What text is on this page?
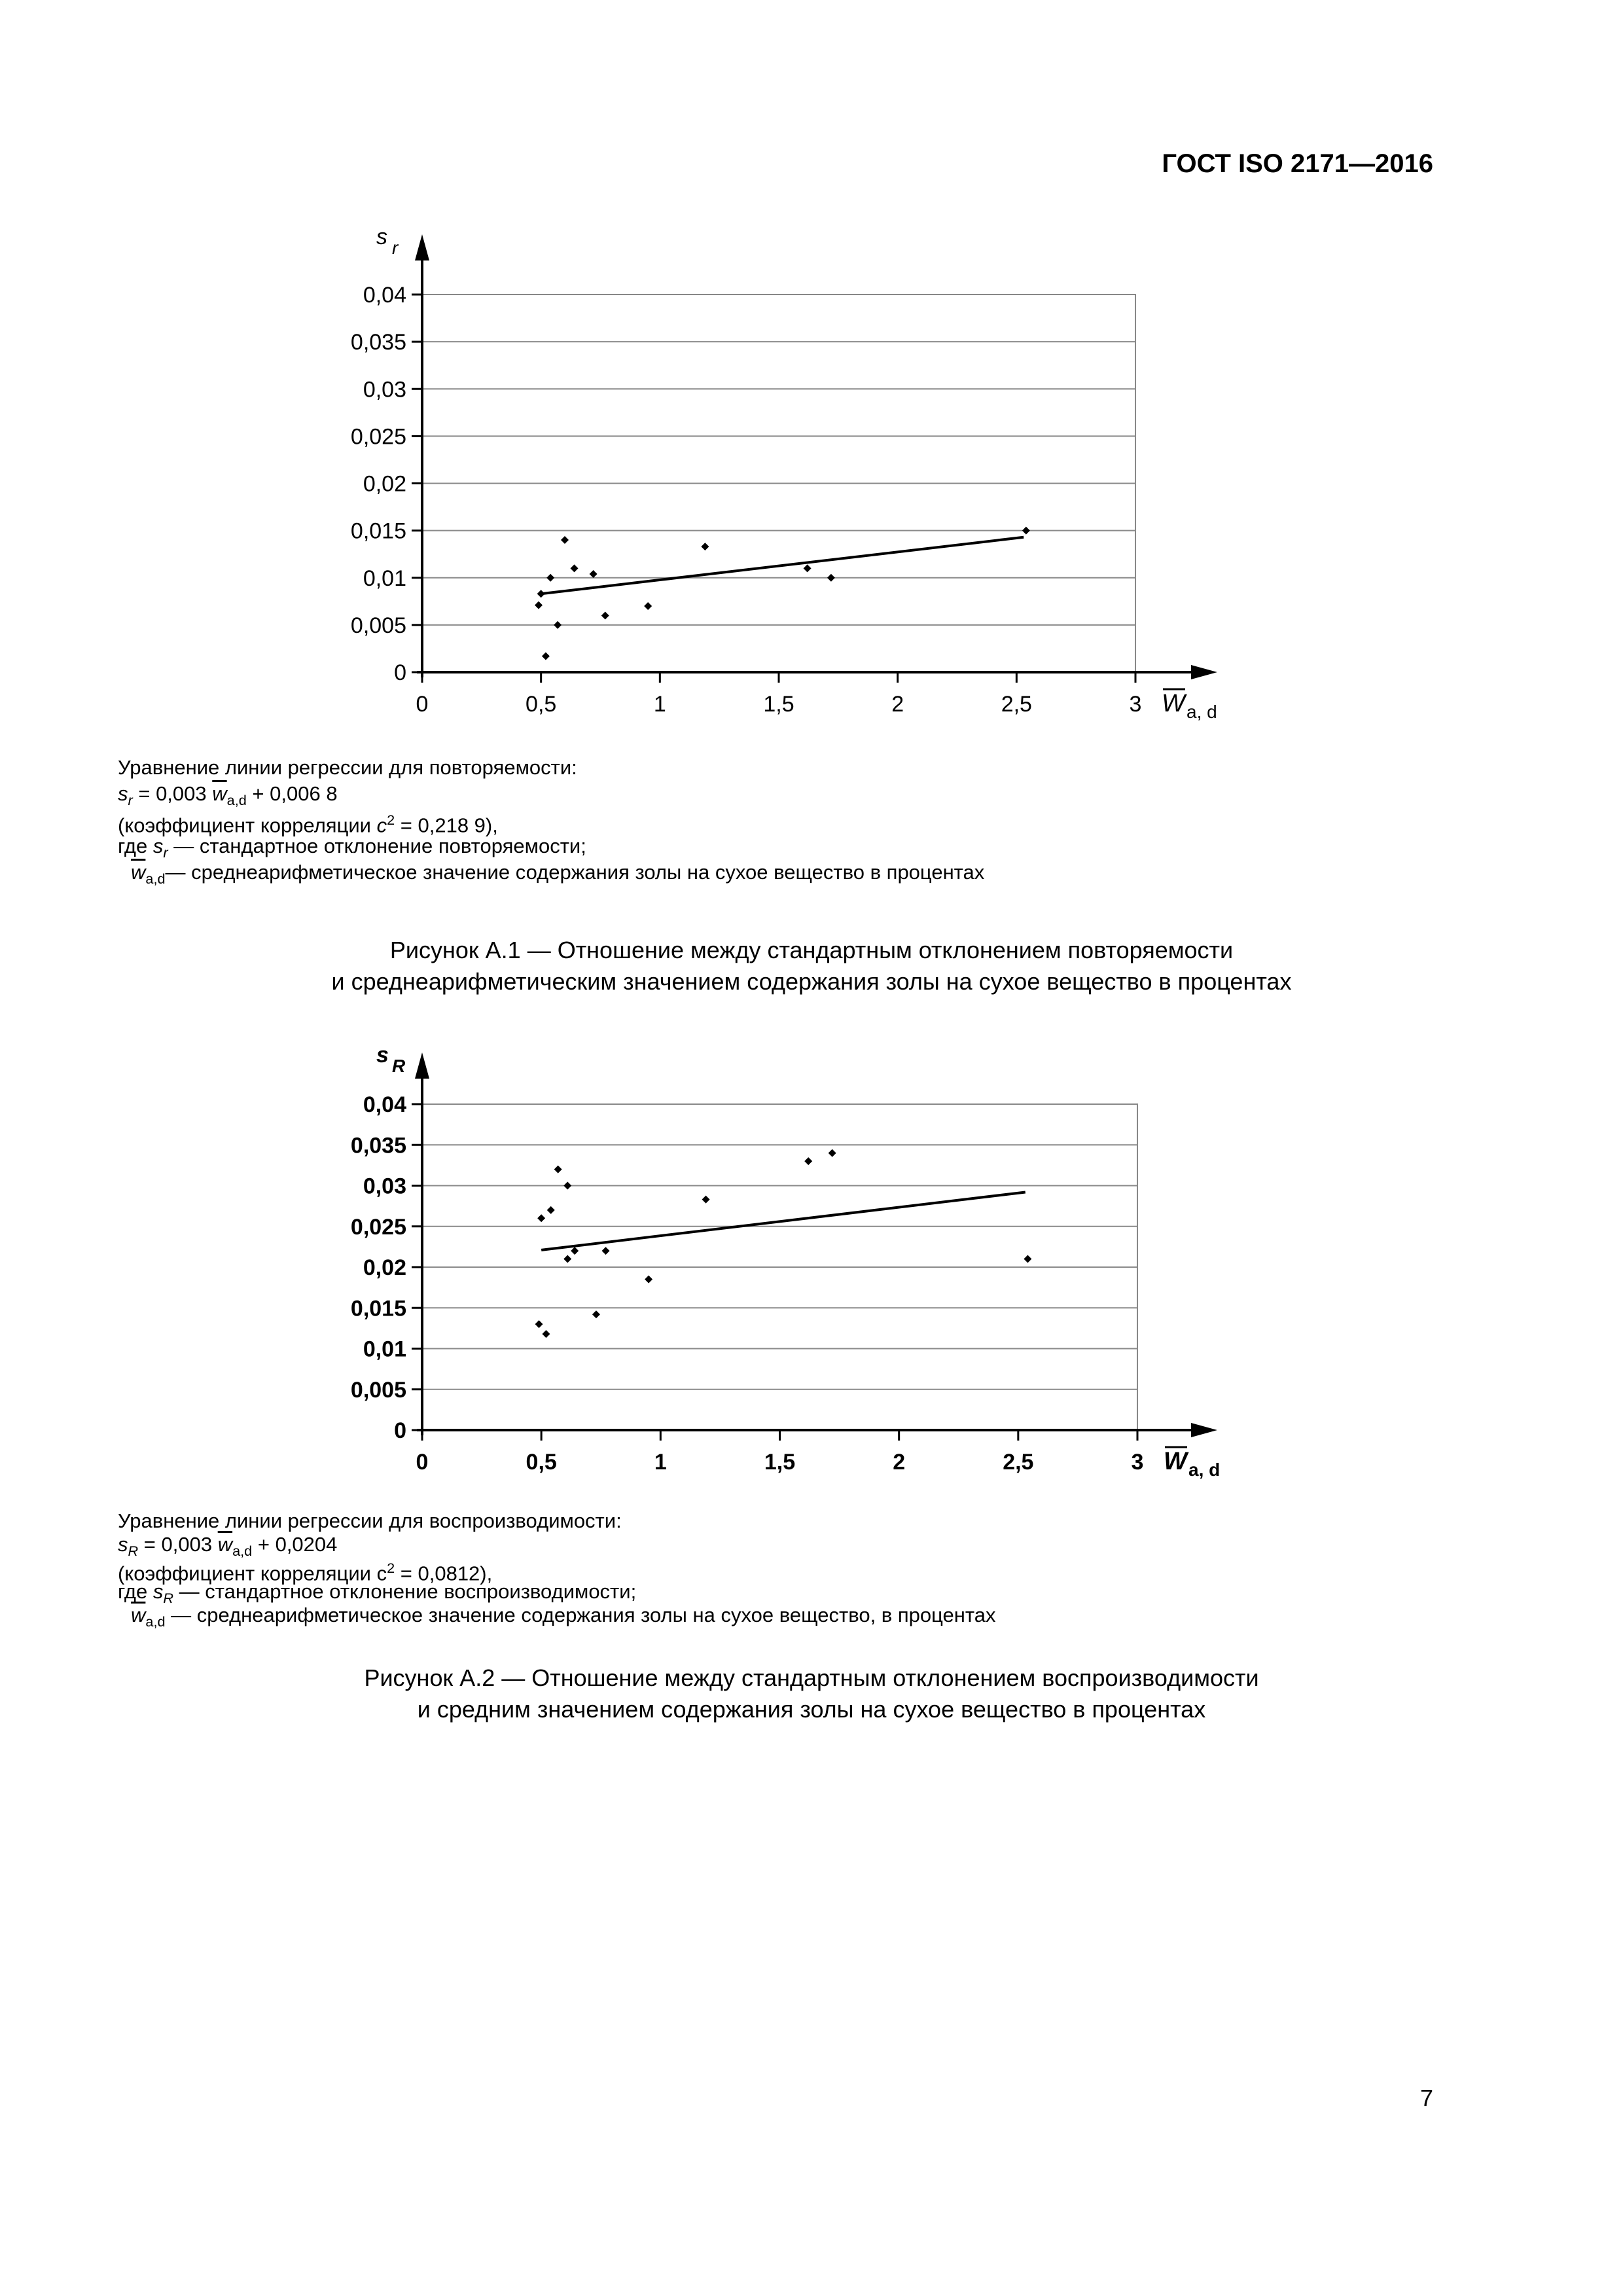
ГОСТ ISO 2171—2016
0
0,005
0,01
0,015
0,02
0,025
0,03
0,035
0,04
0	0,5	1	1,5	2	2,5	3
s r
W a, d
Уравнение линии регрессии для повторяемости:
$s_r = 0,003$ $\overline{w}_{a,d} + 0,006$ 8
(коэффициент корреляции $c^2 = 0,218$ 9),
где $s_r$ — стандартное отклонение повторяемости;
$\overline{w}_{a,d}—$ среднеарифметическое значение содержания золы на сухое вещество в процентах
Рисунок А.1 — Отношение между стандартным отклонением повторяемости
и среднеарифметическим значением содержания золы на сухое вещество в процентах
0
0,005
0,01
0,015
0,02
0,025
0,03
0,035
0,04
0	0,5	1	1,5	2	2,5	3
s R
W a, d
Уравнение линии регрессии для воспроизводимости:
$s_R = 0,003$ $\overline{w}_{a,d} + 0,0204$
(коэффициент корреляции $c^2 = 0,0812$),
где $s_R$ — стандартное отклонение воспроизводимости;
$\overline{w}_{a,d}$ — среднеарифметическое значение содержания золы на сухое вещество, в процентах
Рисунок А.2 — Отношение между стандартным отклонением воспроизводимости
и средним значением содержания золы на сухое вещество в процентах
7
